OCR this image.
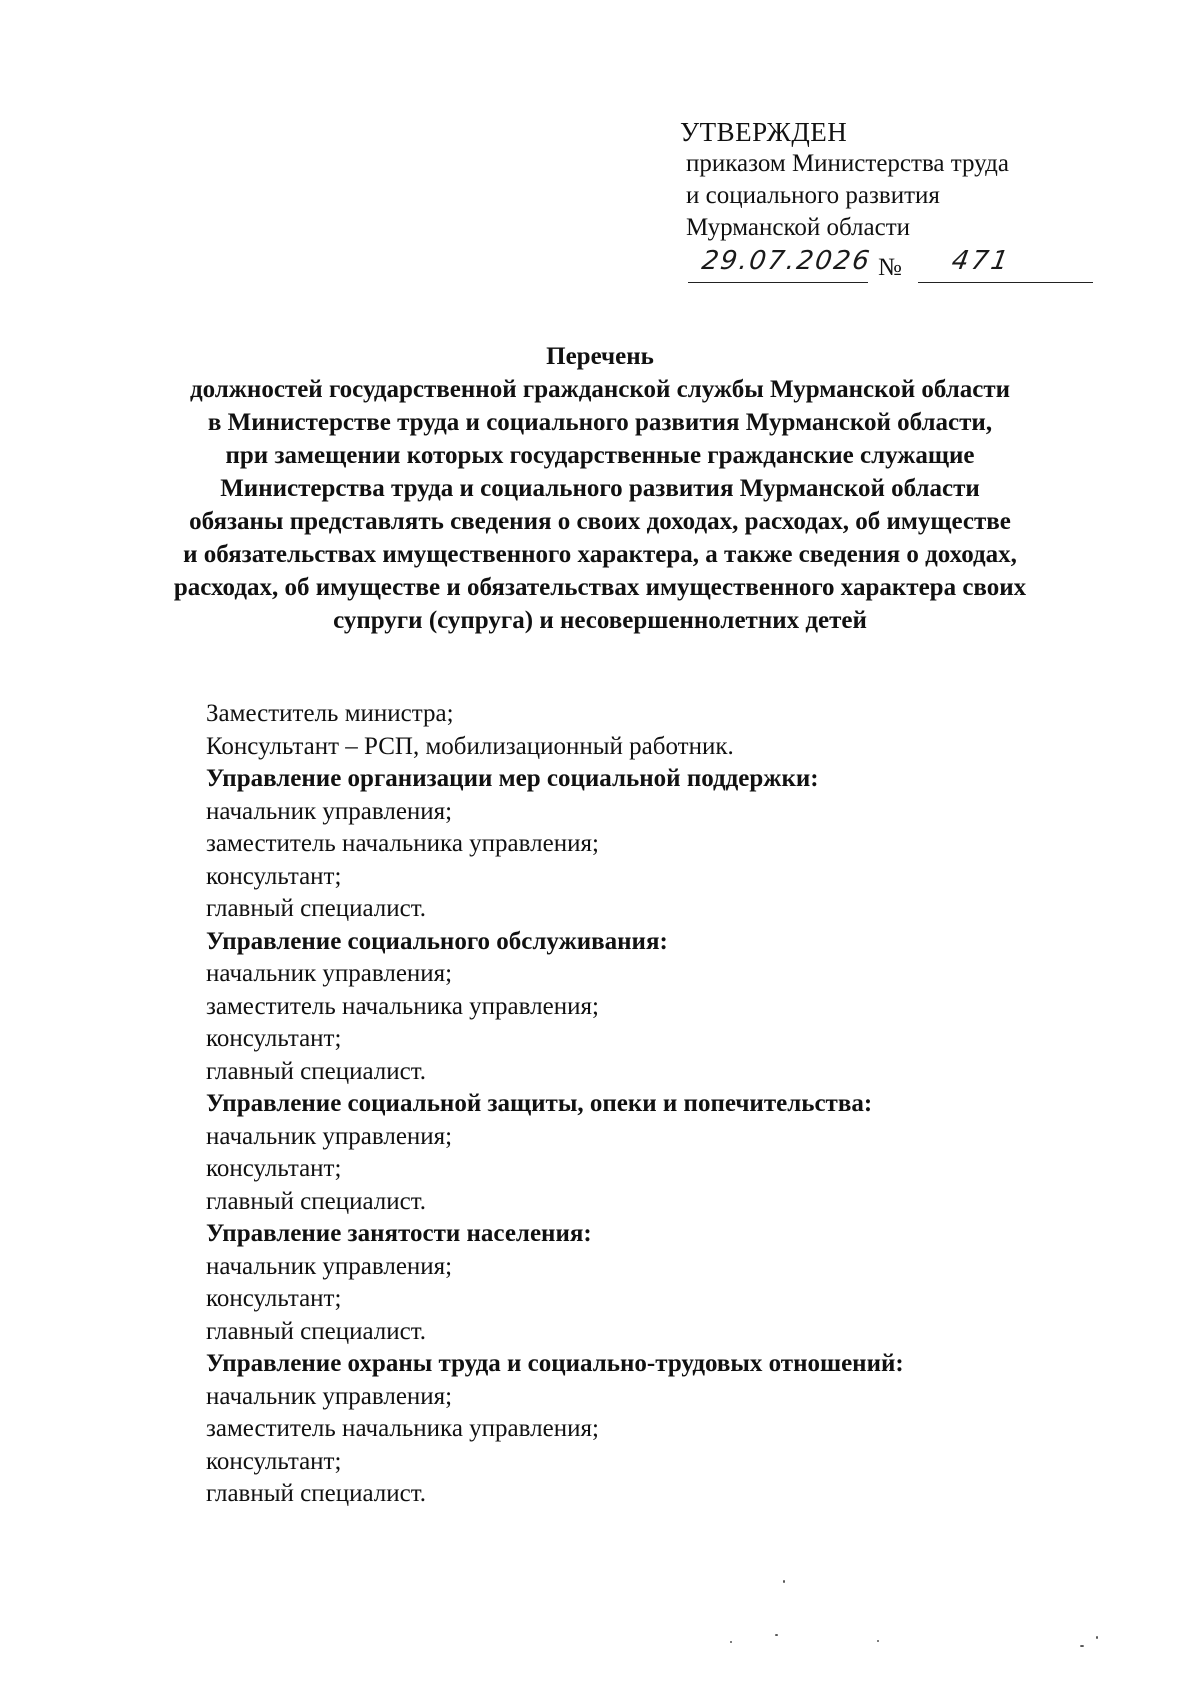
УТВЕРЖДЕН
приказом Министерства труда
и социального развития
Мурманской области
29.07.2026 № 471
Перечень
должностей государственной гражданской службы Мурманской области
в Министерстве труда и социального развития Мурманской области,
при замещении которых государственные гражданские служащие
Министерства труда и социального развития Мурманской области
обязаны представлять сведения о своих доходах, расходах, об имуществе
и обязательствах имущественного характера, а также сведения о доходах,
расходах, об имуществе и обязательствах имущественного характера своих
супруги (супруга) и несовершеннолетних детей
Заместитель министра;
Консультант – РСП, мобилизационный работник.
Управление организации мер социальной поддержки:
начальник управления;
заместитель начальника управления;
консультант;
главный специалист.
Управление социального обслуживания:
начальник управления;
заместитель начальника управления;
консультант;
главный специалист.
Управление социальной защиты, опеки и попечительства:
начальник управления;
консультант;
главный специалист.
Управление занятости населения:
начальник управления;
консультант;
главный специалист.
Управление охраны труда и социально-трудовых отношений:
начальник управления;
заместитель начальника управления;
консультант;
главный специалист.
